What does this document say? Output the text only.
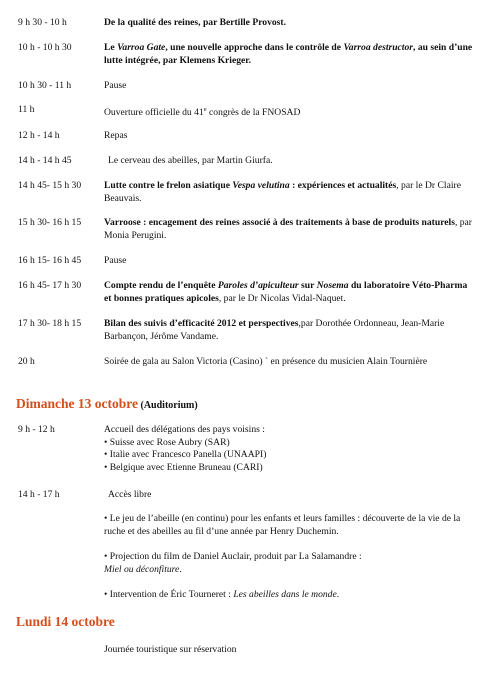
9 h 30 - 10 h	De la qualité des reines, par Bertille Provost.
10 h - 10 h 30	Le Varroa Gate, une nouvelle approche dans le contrôle de Varroa destructor, au sein d’une lutte intégrée, par Klemens Krieger.
10 h 30 - 11 h	Pause
11 h	Ouverture officielle du 41e congrès de la FNOSAD
12 h - 14 h	Repas
14 h - 14 h 45	Le cerveau des abeilles, par Martin Giurfa.
14 h 45- 15 h 30	Lutte contre le frelon asiatique Vespa velutina : expériences et actualités, par le Dr Claire Beauvais.
15 h 30- 16 h 15	Varroose : encagement des reines associé à des traitements à base de produits naturels, par Monia Perugini.
16 h 15- 16 h 45	Pause
16 h 45- 17 h 30	Compte rendu de l’enquête Paroles d’apiculteur sur Nosema du laboratoire Véto-Pharma et bonnes pratiques apicoles, par le Dr Nicolas Vidal-Naquet.
17 h 30- 18 h 15	Bilan des suivis d’efficacité 2012 et perspectives,par Dorothée Ordonneau, Jean-Marie Barbançon, Jérôme Vandame.
20 h	Soirée de gala au Salon Victoria (Casino) ` en présence du musicien Alain Tournière
Dimanche 13 octobre (Auditorium)
9 h - 12 h	Accueil des délégations des pays voisins :
• Suisse avec Rose Aubry (SAR)
• Italie avec Francesco Panella (UNAAPI)
• Belgique avec Etienne Bruneau (CARI)
14 h - 17 h	Accès libre
• Le jeu de l’abeille (en continu) pour les enfants et leurs familles : découverte de la vie de la ruche et des abeilles au fil d’une année par Henry Duchemin.
• Projection du film de Daniel Auclair, produit par La Salamandre :
Miel ou déconfiture.
• Intervention de Éric Tourneret : Les abeilles dans le monde.
Lundi 14 octobre
Journée touristique sur réservation
